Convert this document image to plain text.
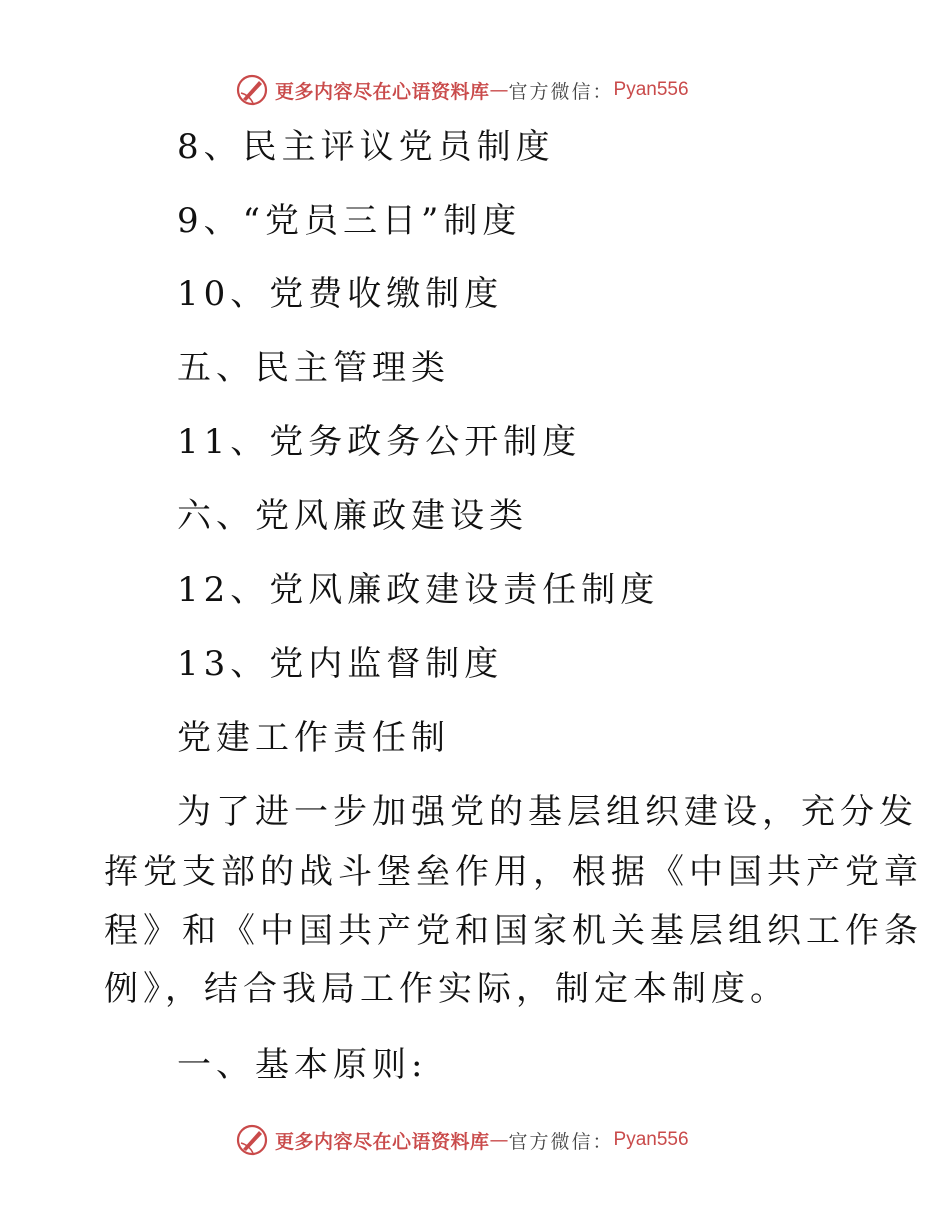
更多内容尽在心语资料库 — 官方微信： Pyan556
8、民主评议党员制度
9、“党员三日”制度
10、党费收缴制度
五、民主管理类
11、党务政务公开制度
六、党风廉政建设类
12、党风廉政建设责任制度
13、党内监督制度
党建工作责任制
为了进一步加强党的基层组织建设，充分发
挥党支部的战斗堡垒作用，根据《中国共产党章
程》和《中国共产党和国家机关基层组织工作条
例》，结合我局工作实际，制定本制度。
一、基本原则:
更多内容尽在心语资料库 — 官方微信： Pyan556
